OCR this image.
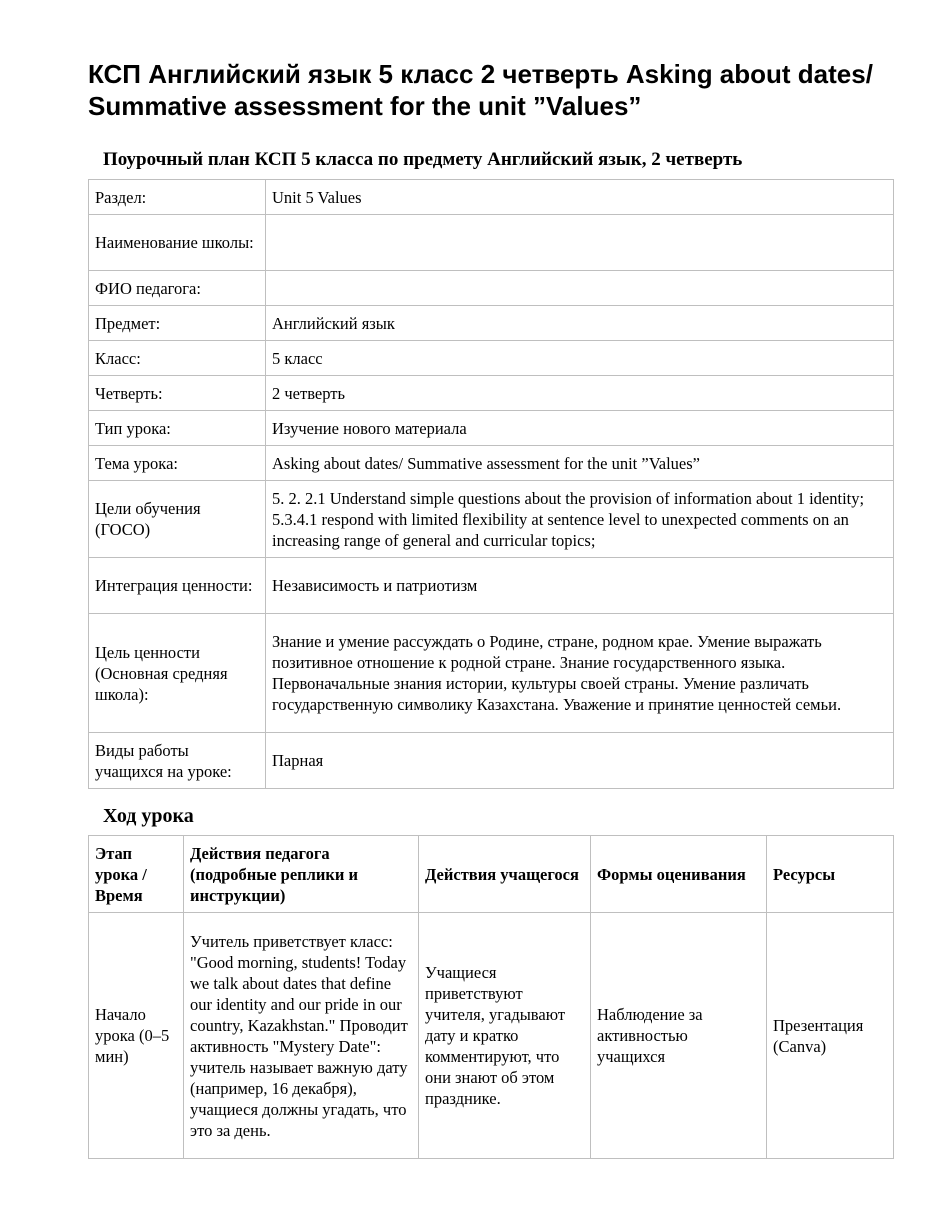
КСП Английский язык 5 класс 2 четверть Asking about dates/ Summative assessment for the unit ”Values”
Поурочный план КСП 5 класса по предмету Английский язык, 2 четверть
Раздел:	Unit 5 Values
Наименование школы:	
ФИО педагога:	
Предмет:	Английский язык
Класс:	5 класс
Четверть:	2 четверть
Тип урока:	Изучение нового материала
Тема урока:	Asking about dates/ Summative assessment for the unit ”Values”
Цели обучения (ГОСО)	5. 2. 2.1 Understand simple questions about the provision of information about 1 identity; 5.3.4.1 respond with limited flexibility at sentence level to unexpected comments on an increasing range of general and curricular topics;
Интеграция ценности:	Независимость и патриотизм
Цель ценности (Основная средняя школа):	Знание и умение рассуждать о Родине, стране, родном крае. Умение выражать позитивное отношение к родной стране. Знание государственного языка. Первоначальные знания истории, культуры своей страны. Умение различать государственную символику Казахстана. Уважение и принятие ценностей семьи.
Виды работы учащихся на уроке:	Парная
Ход урока
Этап урока / Время	Действия педагога (подробные реплики и инструкции)	Действия учащегося	Формы оценивания	Ресурсы
Начало урока (0–5 мин)	Учитель приветствует класс: "Good morning, students! Today we talk about dates that define our identity and our pride in our country, Kazakhstan." Проводит активность "Mystery Date": учитель называет важную дату (например, 16 декабря), учащиеся должны угадать, что это за день.	Учащиеся приветствуют учителя, угадывают дату и кратко комментируют, что они знают об этом празднике.	Наблюдение за активностью учащихся	Презентация (Canva)
